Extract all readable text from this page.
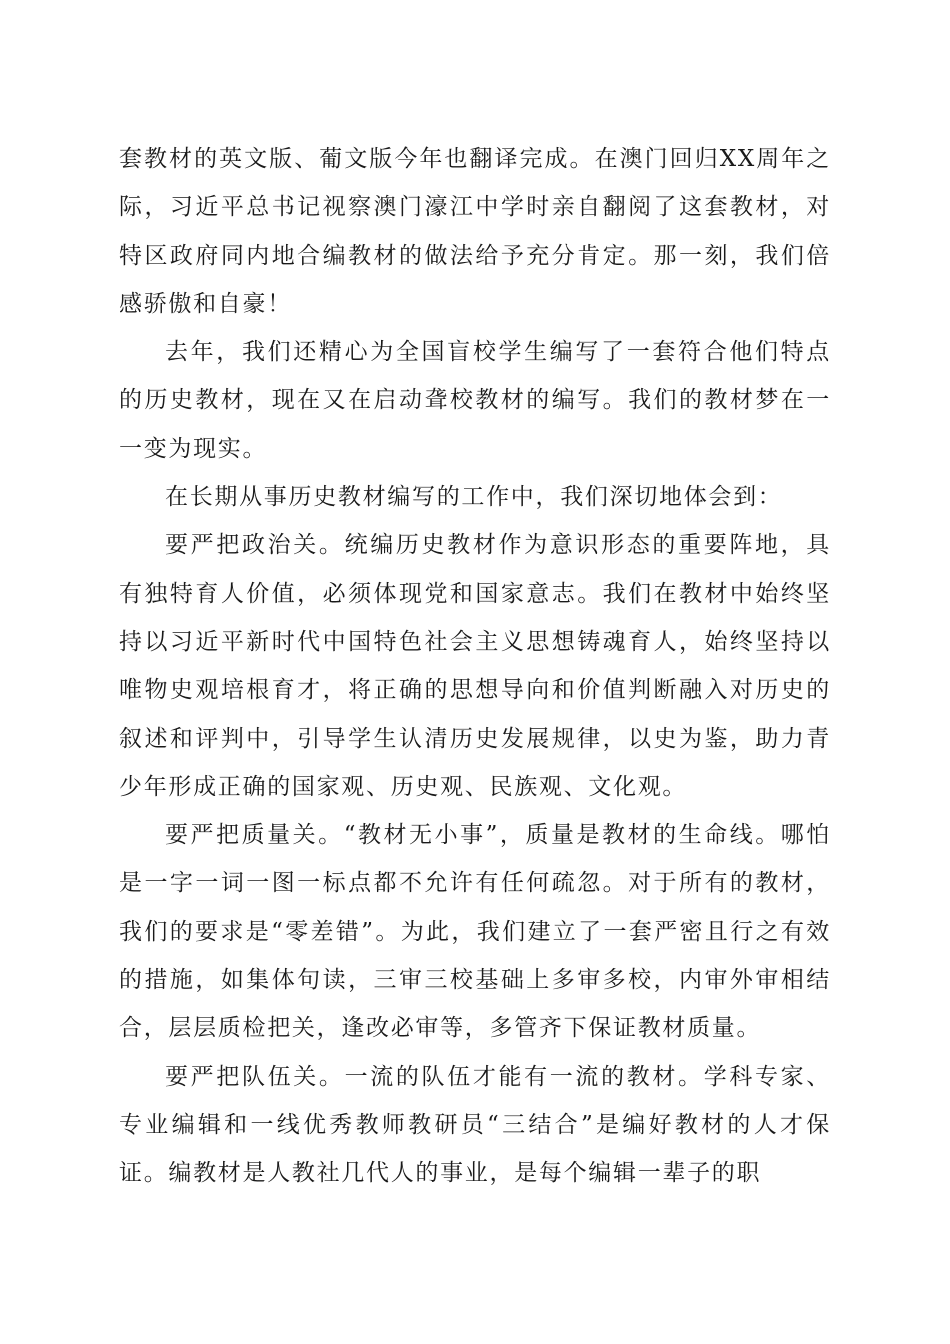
套教材的英文版、葡文版今年也翻译完成。在澳门回归XX周年之际，习近平总书记视察澳门濠江中学时亲自翻阅了这套教材，对特区政府同内地合编教材的做法给予充分肯定。那一刻，我们倍感骄傲和自豪！

去年，我们还精心为全国盲校学生编写了一套符合他们特点的历史教材，现在又在启动聋校教材的编写。我们的教材梦在一一变为现实。

在长期从事历史教材编写的工作中，我们深切地体会到：

要严把政治关。统编历史教材作为意识形态的重要阵地，具有独特育人价值，必须体现党和国家意志。我们在教材中始终坚持以习近平新时代中国特色社会主义思想铸魂育人，始终坚持以唯物史观培根育才，将正确的思想导向和价值判断融入对历史的叙述和评判中，引导学生认清历史发展规律，以史为鉴，助力青少年形成正确的国家观、历史观、民族观、文化观。

要严把质量关。“教材无小事”，质量是教材的生命线。哪怕是一字一词一图一标点都不允许有任何疏忽。对于所有的教材，我们的要求是“零差错”。为此，我们建立了一套严密且行之有效的措施，如集体句读，三审三校基础上多审多校，内审外审相结合，层层质检把关，逢改必审等，多管齐下保证教材质量。

要严把队伍关。一流的队伍才能有一流的教材。学科专家、专业编辑和一线优秀教师教研员“三结合”是编好教材的人才保证。编教材是人教社几代人的事业，是每个编辑一辈子的职
